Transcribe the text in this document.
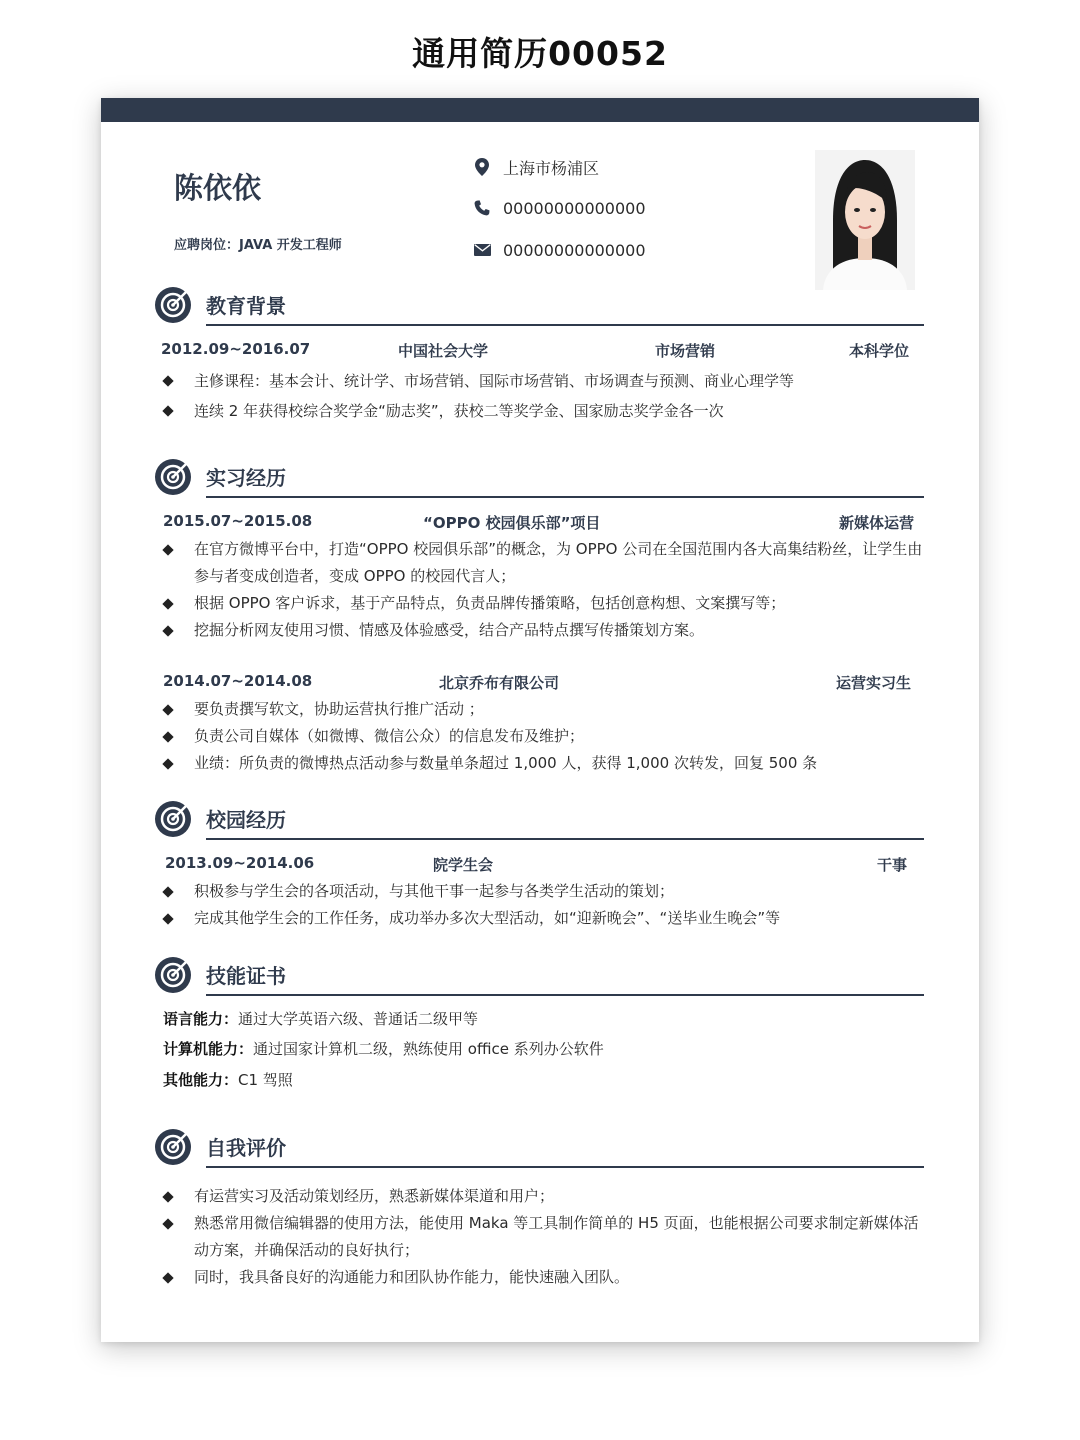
通用简历00052
陈依依
应聘岗位：JAVA 开发工程师
上海市杨浦区
00000000000000
00000000000000
教育背景
2012.09~2016.07	中国社会大学	市场营销	本科学位
主修课程：基本会计、统计学、市场营销、国际市场营销、市场调查与预测、商业心理学等
连续 2 年获得校综合奖学金“励志奖”，获校二等奖学金、国家励志奖学金各一次
实习经历
2015.07~2015.08	“OPPO 校园俱乐部”项目	新媒体运营
在官方微博平台中，打造“OPPO 校园俱乐部”的概念，为 OPPO 公司在全国范围内各大高集结粉丝，让学生由参与者变成创造者，变成 OPPO 的校园代言人；
根据 OPPO 客户诉求，基于产品特点，负责品牌传播策略，包括创意构想、文案撰写等；
挖掘分析网友使用习惯、情感及体验感受，结合产品特点撰写传播策划方案。
2014.07~2014.08	北京乔布有限公司	运营实习生
要负责撰写软文，协助运营执行推广活动 ；
负责公司自媒体（如微博、微信公众）的信息发布及维护；
业绩：所负责的微博热点活动参与数量单条超过 1,000 人，获得 1,000 次转发，回复 500 条
校园经历
2013.09~2014.06	院学生会	干事
积极参与学生会的各项活动，与其他干事一起参与各类学生活动的策划；
完成其他学生会的工作任务，成功举办多次大型活动，如“迎新晚会”、“送毕业生晚会”等
技能证书
语言能力：通过大学英语六级、普通话二级甲等
计算机能力：通过国家计算机二级，熟练使用 office 系列办公软件
其他能力：C1 驾照
自我评价
有运营实习及活动策划经历，熟悉新媒体渠道和用户；
熟悉常用微信编辑器的使用方法，能使用 Maka 等工具制作简单的 H5 页面，也能根据公司要求制定新媒体活动方案，并确保活动的良好执行；
同时，我具备良好的沟通能力和团队协作能力，能快速融入团队。
